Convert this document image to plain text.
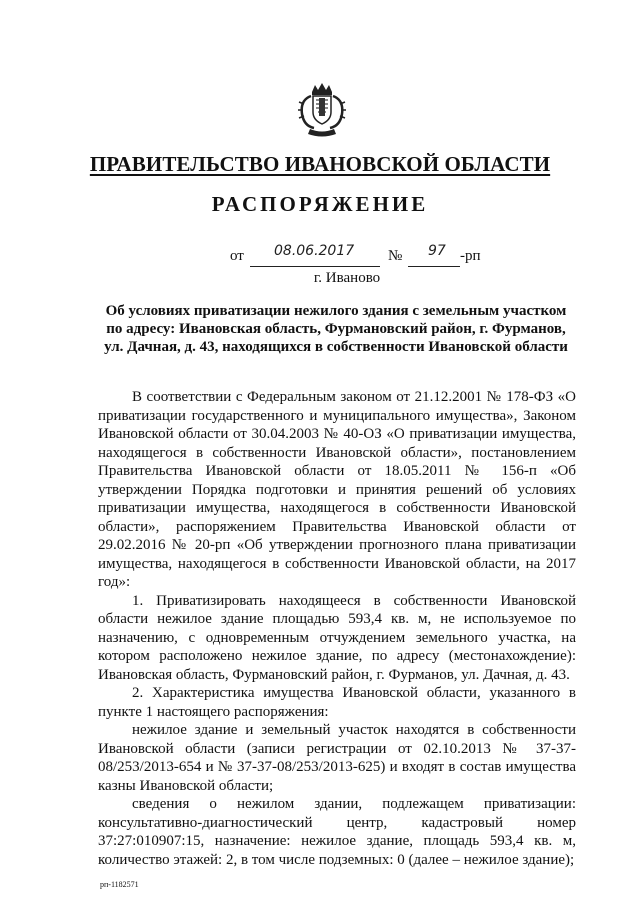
ПРАВИТЕЛЬСТВО ИВАНОВСКОЙ ОБЛАСТИ
РАСПОРЯЖЕНИЕ
от 08.06.2017 № 97 -рп
г. Иваново
Об условиях приватизации нежилого здания с земельным участком по адресу: Ивановская область, Фурмановский район, г. Фурманов, ул. Дачная, д. 43, находящихся в собственности Ивановской области

В соответствии с Федеральным законом от 21.12.2001 № 178-ФЗ «О приватизации государственного и муниципального имущества», Законом Ивановской области от 30.04.2003 № 40-ОЗ «О приватизации имущества, находящегося в собственности Ивановской области», постановлением Правительства Ивановской области от 18.05.2011 № 156-п «Об утверждении Порядка подготовки и принятия решений об условиях приватизации имущества, находящегося в собственности Ивановской области», распоряжением Правительства Ивановской области от 29.02.2016 № 20-рп «Об утверждении прогнозного плана приватизации имущества, находящегося в собственности Ивановской области, на 2017 год»:

1. Приватизировать находящееся в собственности Ивановской области нежилое здание площадью 593,4 кв. м, не используемое по назначению, с одновременным отчуждением земельного участка, на котором расположено нежилое здание, по адресу (местонахождение): Ивановская область, Фурмановский район, г. Фурманов, ул. Дачная, д. 43.

2. Характеристика имущества Ивановской области, указанного в пункте 1 настоящего распоряжения:

нежилое здание и земельный участок находятся в собственности Ивановской области (записи регистрации от 02.10.2013 № 37-37-08/253/2013-654 и № 37-37-08/253/2013-625) и входят в состав имущества казны Ивановской области;

сведения о нежилом здании, подлежащем приватизации: консультативно-диагностический центр, кадастровый номер 37:27:010907:15, назначение: нежилое здание, площадь 593,4 кв. м, количество этажей: 2, в том числе подземных: 0 (далее – нежилое здание);

рп-1182571
